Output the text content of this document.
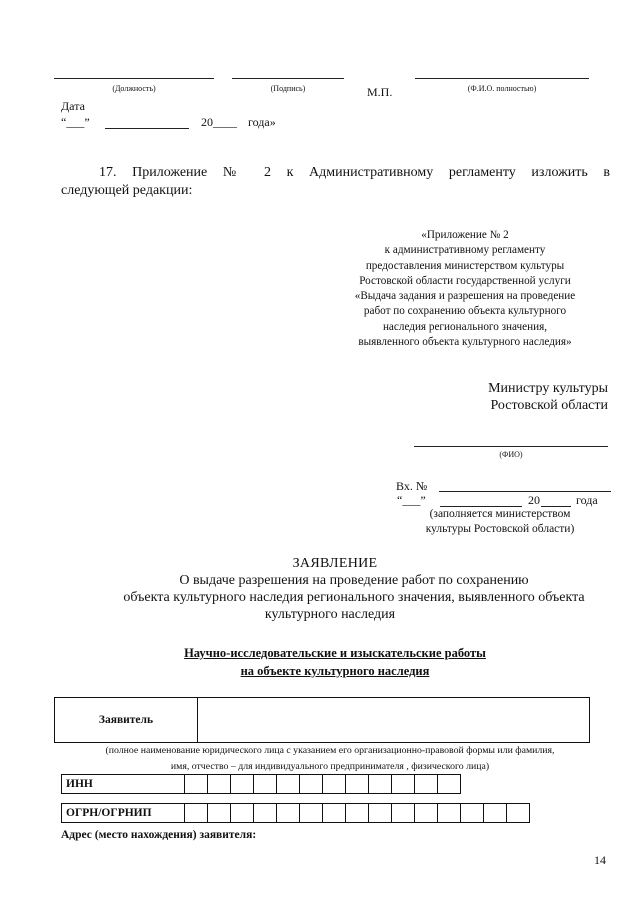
(Должность)	(Подпись)	М.П.	(Ф.И.О. полностью)
Дата
“___”	20____ года»
17. Приложение № 2 к Административному регламенту изложить в
следующей редакции:
«Приложение № 2
к административному регламенту
предоставления министерством культуры
Ростовской области государственной услуги
«Выдача задания и разрешения на проведение
работ по сохранению объекта культурного
наследия регионального значения,
выявленного объекта культурного наследия»
Министру культуры
Ростовской области
(ФИО)
Вх. №
“___”	20	года
(заполняется министерством
культуры Ростовской области)
ЗАЯВЛЕНИЕ
О выдаче разрешения на проведение работ по сохранению
объекта культурного наследия регионального значения, выявленного объекта
культурного наследия
Научно-исследовательские и изыскательские работы
на объекте культурного наследия
Заявитель	
(полное наименование юридического лица с указанием его организационно-правовой формы или фамилия,
имя, отчество – для индивидуального предпринимателя , физического лица)
ИНН												
ОГРН/ОГРНИП															
Адрес (место нахождения) заявителя:
14
